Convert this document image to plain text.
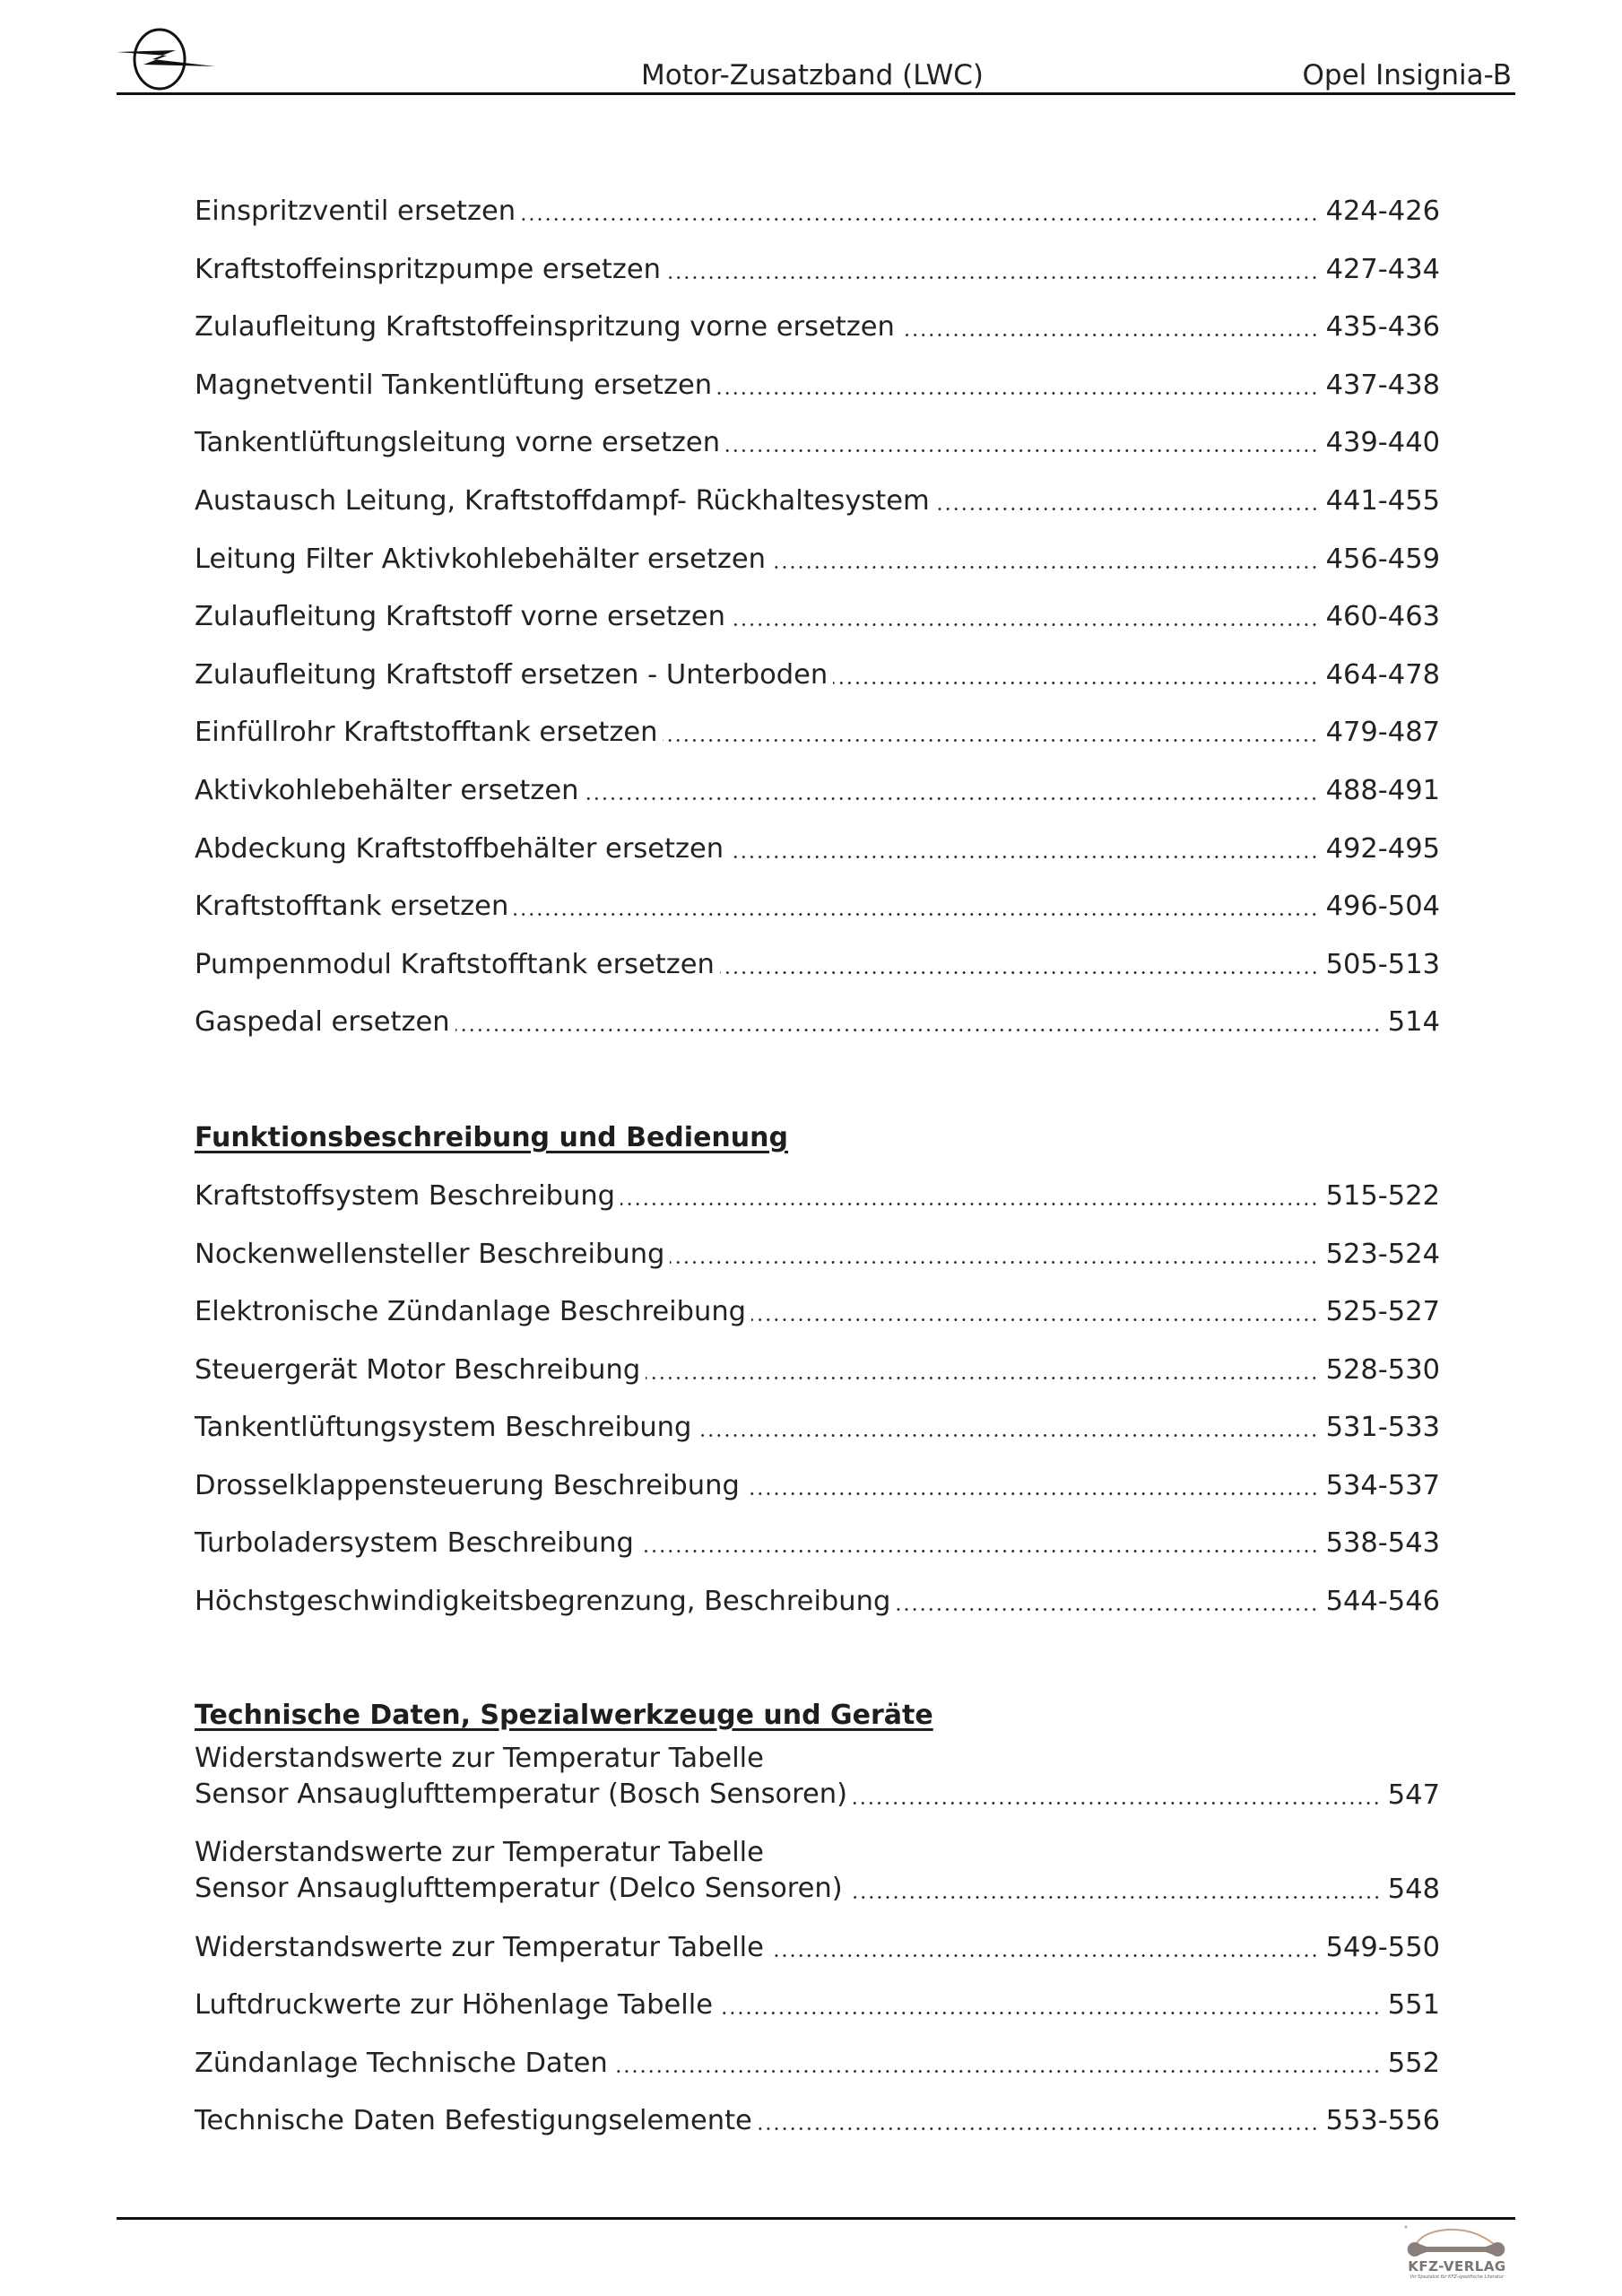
Motor-Zusatzband (LWC)	Opel Insignia-B
Einspritzventil ersetzen	424-426
Kraftstoffeinspritzpumpe ersetzen	427-434
Zulaufleitung Kraftstoffeinspritzung vorne ersetzen	435-436
Magnetventil Tankentlüftung ersetzen	437-438
Tankentlüftungsleitung vorne ersetzen	439-440
Austausch Leitung, Kraftstoffdampf- Rückhaltesystem	441-455
Leitung Filter Aktivkohlebehälter ersetzen	456-459
Zulaufleitung Kraftstoff vorne ersetzen	460-463
Zulaufleitung Kraftstoff ersetzen - Unterboden	464-478
Einfüllrohr Kraftstofftank ersetzen	479-487
Aktivkohlebehälter ersetzen	488-491
Abdeckung Kraftstoffbehälter ersetzen	492-495
Kraftstofftank ersetzen	496-504
Pumpenmodul Kraftstofftank ersetzen	505-513
Gaspedal ersetzen	514
Funktionsbeschreibung und Bedienung
Kraftstoffsystem Beschreibung	515-522
Nockenwellensteller Beschreibung	523-524
Elektronische Zündanlage Beschreibung	525-527
Steuergerät Motor Beschreibung	528-530
Tankentlüftungsystem Beschreibung	531-533
Drosselklappensteuerung Beschreibung	534-537
Turboladersystem Beschreibung	538-543
Höchstgeschwindigkeitsbegrenzung, Beschreibung	544-546
Technische Daten, Spezialwerkzeuge und Geräte
Widerstandswerte zur Temperatur Tabelle
Sensor Ansauglufttemperatur (Bosch Sensoren)	547
Widerstandswerte zur Temperatur Tabelle
Sensor Ansauglufttemperatur (Delco Sensoren)	548
Widerstandswerte zur Temperatur Tabelle	549-550
Luftdruckwerte zur Höhenlage Tabelle	551
Zündanlage Technische Daten	552
Technische Daten Befestigungselemente	553-556
KFZ-VERLAG
Ihr Spezialist für KFZ-spezifische Literatur
